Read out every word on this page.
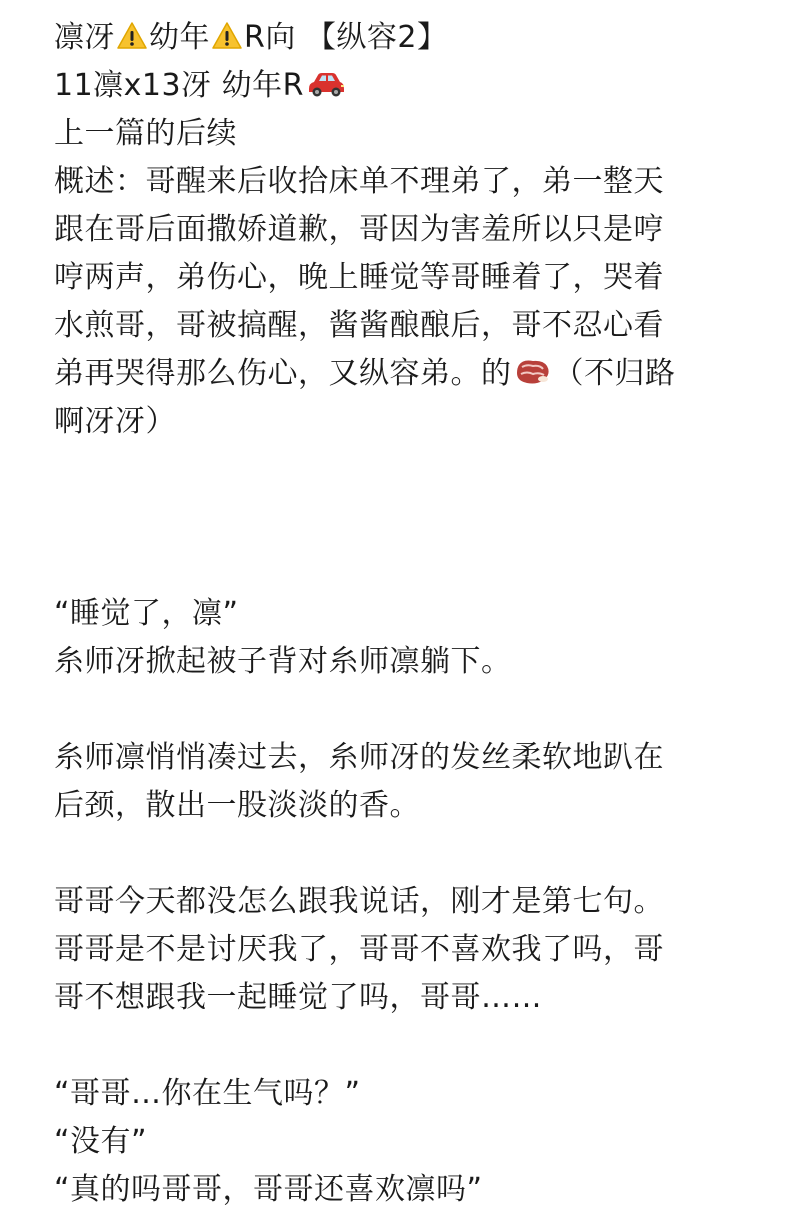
凛冴 幼年 R向 【纵容2】
11凛x13冴 幼年R
上一篇的后续
概述：哥醒来后收拾床单不理弟了，弟一整天
跟在哥后面撒娇道歉，哥因为害羞所以只是哼
哼两声，弟伤心，晚上睡觉等哥睡着了，哭着
水煎哥，哥被搞醒，酱酱酿酿后，哥不忍心看
弟再哭得那么伤心，又纵容弟。的 （不归路
啊冴冴）
“睡觉了，凛”
糸师冴掀起被子背对糸师凛躺下。
糸师凛悄悄凑过去，糸师冴的发丝柔软地趴在
后颈，散出一股淡淡的香。
哥哥今天都没怎么跟我说话，刚才是第七句。
哥哥是不是讨厌我了，哥哥不喜欢我了吗，哥
哥不想跟我一起睡觉了吗，哥哥……
“哥哥…你在生气吗？”
“没有”
“真的吗哥哥，哥哥还喜欢凛吗”
